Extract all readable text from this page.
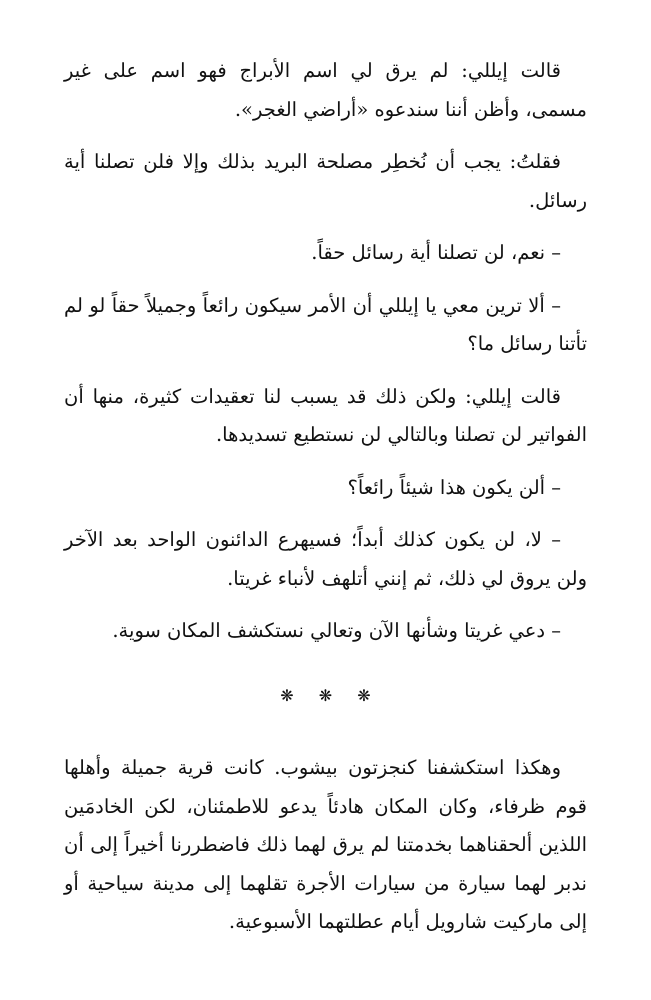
قالت إيللي: لم يرق لي اسم الأبراج فهو اسم على غير مسمى، وأظن أننا سندعوه «أراضي الغجر».

فقلتُ: يجب أن نُخطِر مصلحة البريد بذلك وإلا فلن تصلنا أية رسائل.

– نعم، لن تصلنا أية رسائل حقاً.

– ألا ترين معي يا إيللي أن الأمر سيكون رائعاً وجميلاً حقاً لو لم تأتنا رسائل ما؟

قالت إيللي: ولكن ذلك قد يسبب لنا تعقيدات كثيرة، منها أن الفواتير لن تصلنا وبالتالي لن نستطيع تسديدها.

– ألن يكون هذا شيئاً رائعاً؟

– لا، لن يكون كذلك أبداً؛ فسيهرع الدائنون الواحد بعد الآخر ولن يروق لي ذلك، ثم إنني أتلهف لأنباء غريتا.

– دعي غريتا وشأنها الآن وتعالي نستكشف المكان سوية.

❋ ❋ ❋

وهكذا استكشفنا كنجزتون بيشوب. كانت قرية جميلة وأهلها قوم ظرفاء، وكان المكان هادئاً يدعو للاطمئنان، لكن الخادمَين اللذين ألحقناهما بخدمتنا لم يرق لهما ذلك فاضطررنا أخيراً إلى أن ندبر لهما سيارة من سيارات الأجرة تقلهما إلى مدينة سياحية أو إلى ماركيت شارويل أيام عطلتهما الأسبوعية.
